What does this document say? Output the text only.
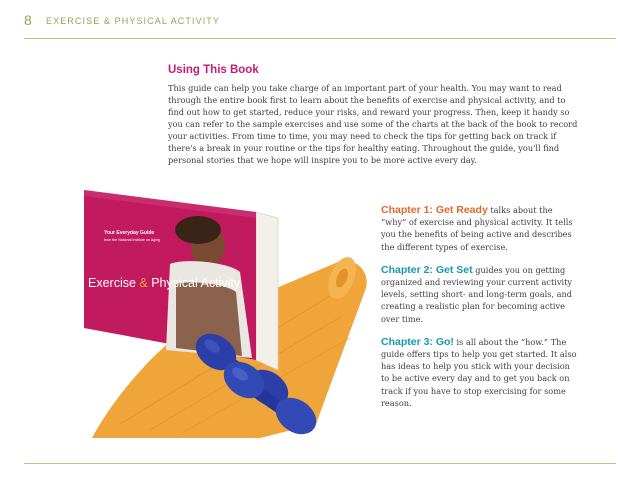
8 EXERCISE & PHYSICAL ACTIVITY
Using This Book

This guide can help you take charge of an important part of your health. You may want to read through the entire book first to learn about the benefits of exercise and physical activity, and to find out how to get started, reduce your risks, and reward your progress. Then, keep it handy so you can refer to the sample exercises and use some of the charts at the back of the book to record your activities. From time to time, you may need to check the tips for getting back on track if there's a break in your routine or the tips for healthy eating. Throughout the guide, you'll find personal stories that we hope will inspire you to be more active every day.

Your Everyday Guide
from the National Institute on Aging
Exercise & Physical Activity

Chapter 1: Get Ready talks about the “why” of exercise and physical activity. It tells you the benefits of being active and describes the different types of exercise.

Chapter 2: Get Set guides you on getting organized and reviewing your current activity levels, setting short- and long-term goals, and creating a realistic plan for becoming active over time.

Chapter 3: Go! is all about the “how.” The guide offers tips to help you get started. It also has ideas to help you stick with your decision to be active every day and to get you back on track if you have to stop exercising for some reason.
